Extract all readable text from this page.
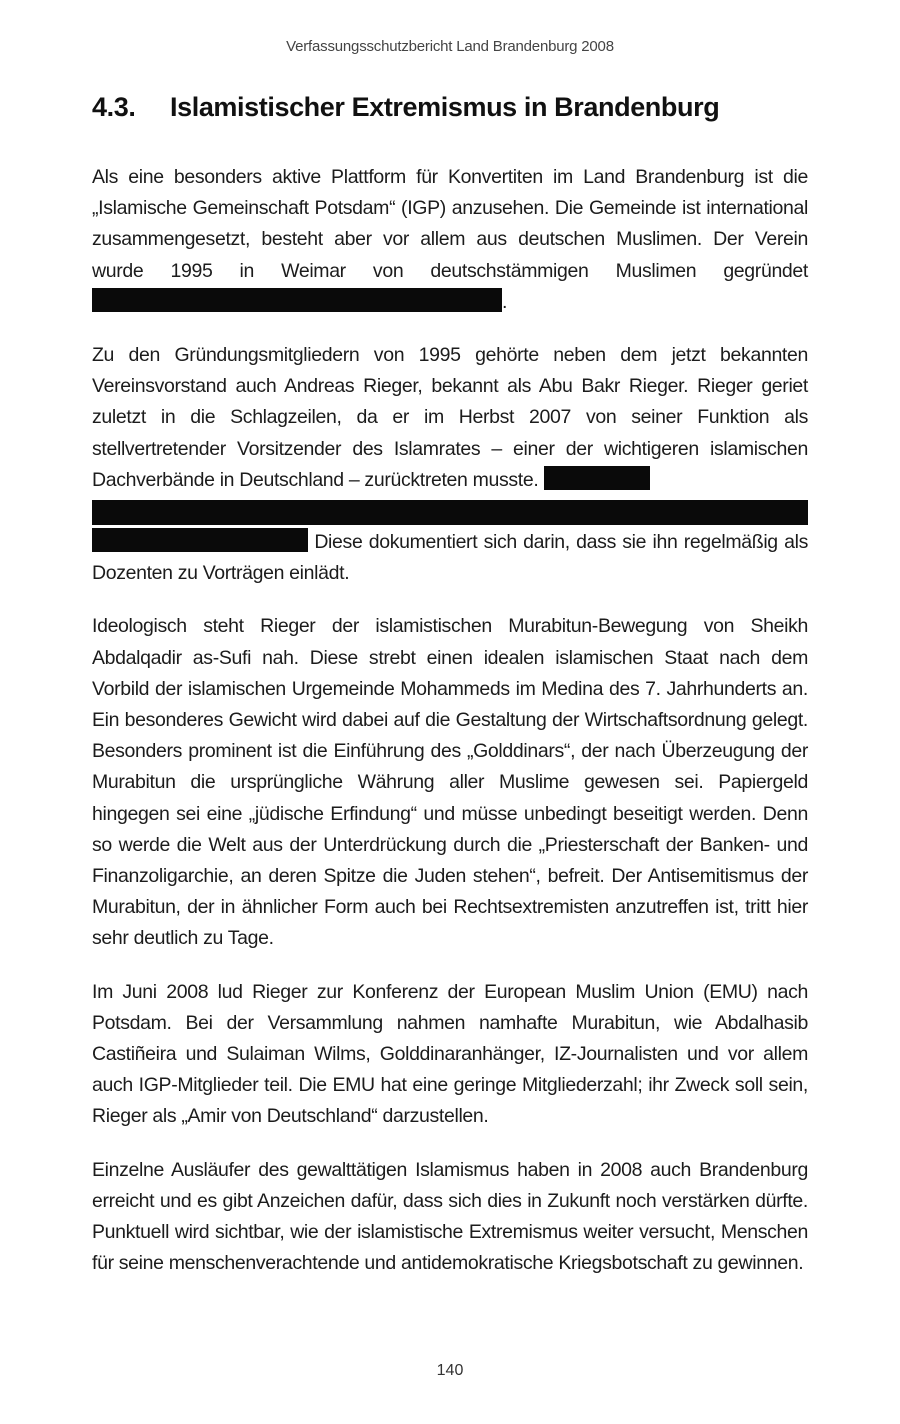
Verfassungsschutzbericht Land Brandenburg 2008
4.3. Islamistischer Extremismus in Brandenburg

Als eine besonders aktive Plattform für Konvertiten im Land Brandenburg ist die „Islamische Gemeinschaft Potsdam“ (IGP) anzusehen. Die Gemeinde ist international zusammengesetzt, besteht aber vor allem aus deutschen Muslimen. Der Verein wurde 1995 in Weimar von deutschstämmigen Muslimen gegründet .

Zu den Gründungsmitgliedern von 1995 gehörte neben dem jetzt bekannten Vereinsvorstand auch Andreas Rieger, bekannt als Abu Bakr Rieger. Rieger geriet zuletzt in die Schlagzeilen, da er im Herbst 2007 von seiner Funktion als stellvertretender Vorsitzender des Islamrates – einer der wichtigeren islamischen Dachverbände in Deutschland – zurücktreten musste.
Diese dokumentiert sich darin, dass sie ihn regelmäßig als Dozenten zu Vorträgen einlädt.

Ideologisch steht Rieger der islamistischen Murabitun-Bewegung von Sheikh Abdalqadir as-Sufi nah. Diese strebt einen idealen islamischen Staat nach dem Vorbild der islamischen Urgemeinde Mohammeds im Medina des 7. Jahrhunderts an. Ein besonderes Gewicht wird dabei auf die Gestaltung der Wirtschaftsordnung gelegt. Besonders prominent ist die Einführung des „Golddinars“, der nach Überzeugung der Murabitun die ursprüngliche Währung aller Muslime gewesen sei. Papiergeld hingegen sei eine „jüdische Erfindung“ und müsse unbedingt beseitigt werden. Denn so werde die Welt aus der Unterdrückung durch die „Priesterschaft der Banken- und Finanzoligarchie, an deren Spitze die Juden stehen“, befreit. Der Antisemitismus der Murabitun, der in ähnlicher Form auch bei Rechtsextremisten anzutreffen ist, tritt hier sehr deutlich zu Tage.

Im Juni 2008 lud Rieger zur Konferenz der European Muslim Union (EMU) nach Potsdam. Bei der Versammlung nahmen namhafte Murabitun, wie Abdalhasib Castiñeira und Sulaiman Wilms, Golddinaranhänger, IZ-Journalisten und vor allem auch IGP-Mitglieder teil. Die EMU hat eine geringe Mitgliederzahl; ihr Zweck soll sein, Rieger als „Amir von Deutschland“ darzustellen.

Einzelne Ausläufer des gewalttätigen Islamismus haben in 2008 auch Brandenburg erreicht und es gibt Anzeichen dafür, dass sich dies in Zukunft noch verstärken dürfte. Punktuell wird sichtbar, wie der islamistische Extremismus weiter versucht, Menschen für seine menschenverachtende und antidemokratische Kriegsbotschaft zu gewinnen.

140
